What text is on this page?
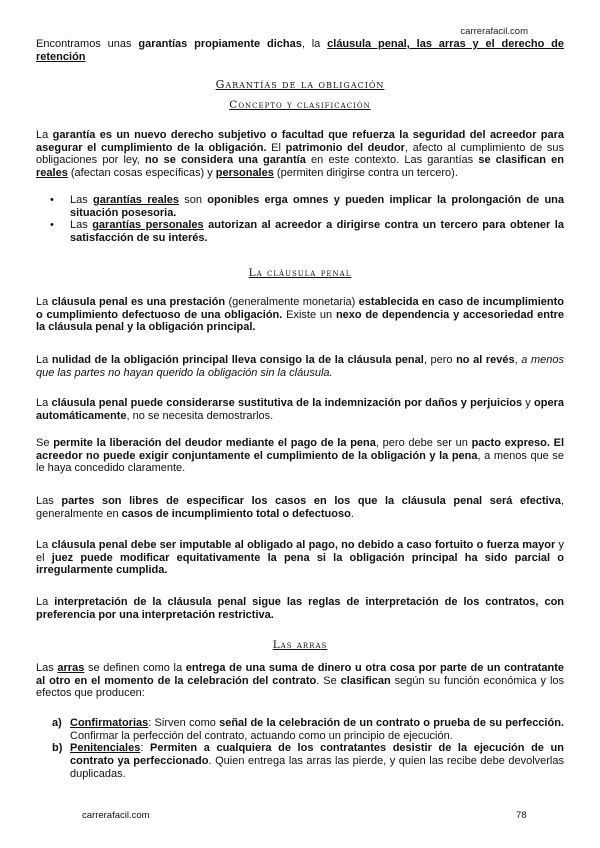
carrerafacil.com
Encontramos unas garantías propiamente dichas, la cláusula penal, las arras y el derecho de retención
Garantías de la obligación
Concepto y clasificación
La garantía es un nuevo derecho subjetivo o facultad que refuerza la seguridad del acreedor para asegurar el cumplimiento de la obligación. El patrimonio del deudor, afecto al cumplimiento de sus obligaciones por ley, no se considera una garantía en este contexto. Las garantías se clasifican en reales (afectan cosas específicas) y personales (permiten dirigirse contra un tercero).
• Las garantías reales son oponibles erga omnes y pueden implicar la prolongación de una situación posesoria.
• Las garantías personales autorizan al acreedor a dirigirse contra un tercero para obtener la satisfacción de su interés.
La cláusula penal
La cláusula penal es una prestación (generalmente monetaria) establecida en caso de incumplimiento o cumplimiento defectuoso de una obligación. Existe un nexo de dependencia y accesoriedad entre la cláusula penal y la obligación principal.
La nulidad de la obligación principal lleva consigo la de la cláusula penal, pero no al revés, a menos que las partes no hayan querido la obligación sin la cláusula.
La cláusula penal puede considerarse sustitutiva de la indemnización por daños y perjuicios y opera automáticamente, no se necesita demostrarlos.
Se permite la liberación del deudor mediante el pago de la pena, pero debe ser un pacto expreso. El acreedor no puede exigir conjuntamente el cumplimiento de la obligación y la pena, a menos que se le haya concedido claramente.
Las partes son libres de especificar los casos en los que la cláusula penal será efectiva, generalmente en casos de incumplimiento total o defectuoso.
La cláusula penal debe ser imputable al obligado al pago, no debido a caso fortuito o fuerza mayor y el juez puede modificar equitativamente la pena si la obligación principal ha sido parcial o irregularmente cumplida.
La interpretación de la cláusula penal sigue las reglas de interpretación de los contratos, con preferencia por una interpretación restrictiva.
Las arras
Las arras se definen como la entrega de una suma de dinero u otra cosa por parte de un contratante al otro en el momento de la celebración del contrato. Se clasifican según su función económica y los efectos que producen:
a) Confirmatorias: Sirven como señal de la celebración de un contrato o prueba de su perfección. Confirmar la perfección del contrato, actuando como un principio de ejecución.
b) Penitenciales: Permiten a cualquiera de los contratantes desistir de la ejecución de un contrato ya perfeccionado. Quien entrega las arras las pierde, y quien las recibe debe devolverlas duplicadas.
carrerafacil.com	78
